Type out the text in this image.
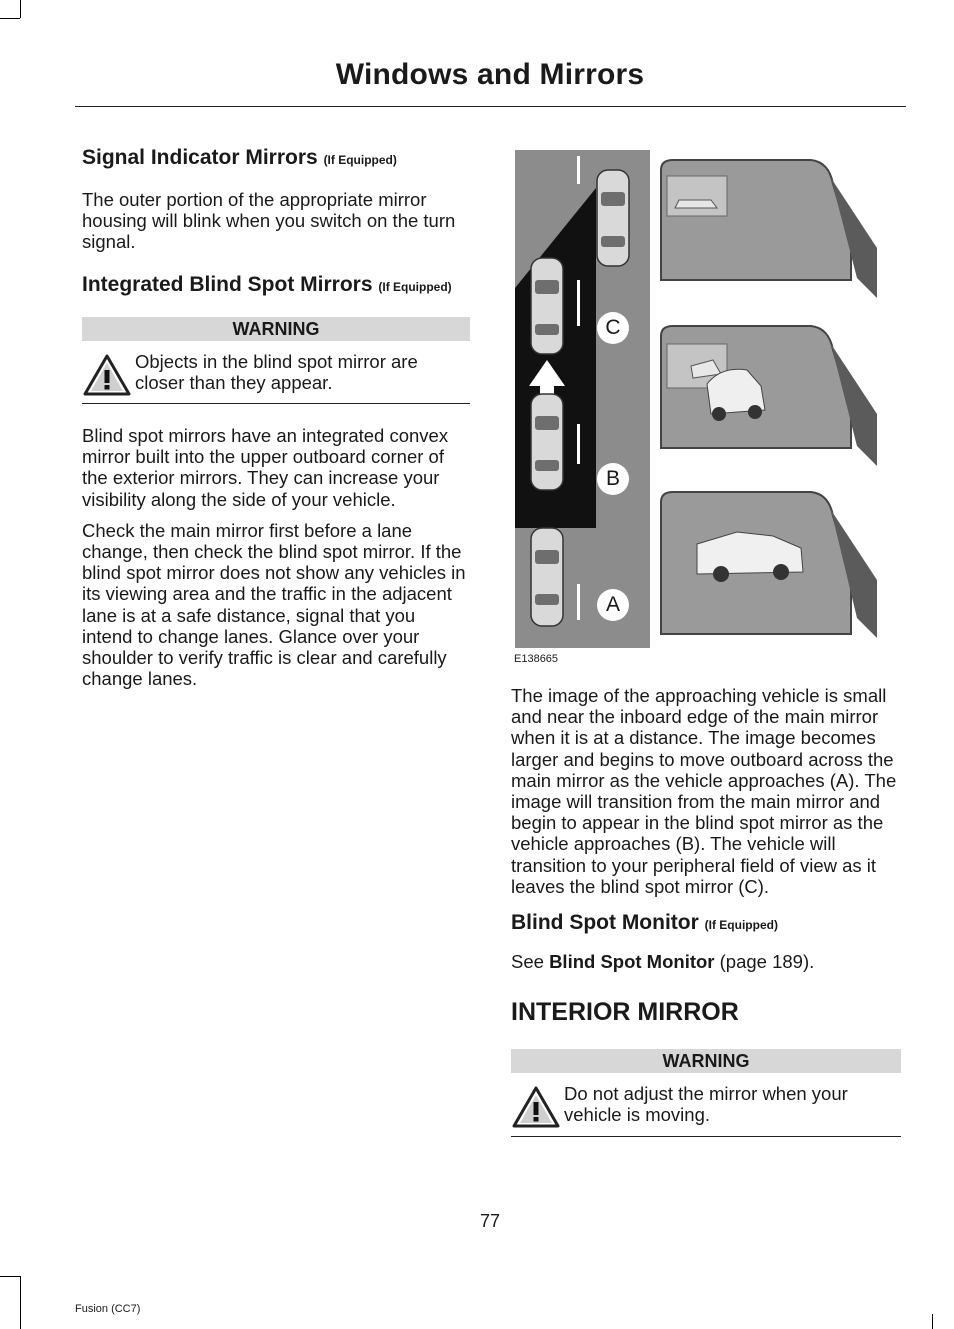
Windows and Mirrors
Signal Indicator Mirrors (If Equipped)

The outer portion of the appropriate mirror housing will blink when you switch on the turn signal.

Integrated Blind Spot Mirrors (If Equipped)
WARNING

Objects in the blind spot mirror are closer than they appear.

Blind spot mirrors have an integrated convex mirror built into the upper outboard corner of the exterior mirrors. They can increase your visibility along the side of your vehicle.

Check the main mirror first before a lane change, then check the blind spot mirror. If the blind spot mirror does not show any vehicles in its viewing area and the traffic in the adjacent lane is at a safe distance, signal that you intend to change lanes. Glance over your shoulder to verify traffic is clear and carefully change lanes.

C
B
A
E138665

The image of the approaching vehicle is small and near the inboard edge of the main mirror when it is at a distance. The image becomes larger and begins to move outboard across the main mirror as the vehicle approaches (A). The image will transition from the main mirror and begin to appear in the blind spot mirror as the vehicle approaches (B). The vehicle will transition to your peripheral field of view as it leaves the blind spot mirror (C).

Blind Spot Monitor (If Equipped)

See Blind Spot Monitor (page 189).

INTERIOR MIRROR
WARNING

Do not adjust the mirror when your vehicle is moving.

77
Fusion (CC7)
